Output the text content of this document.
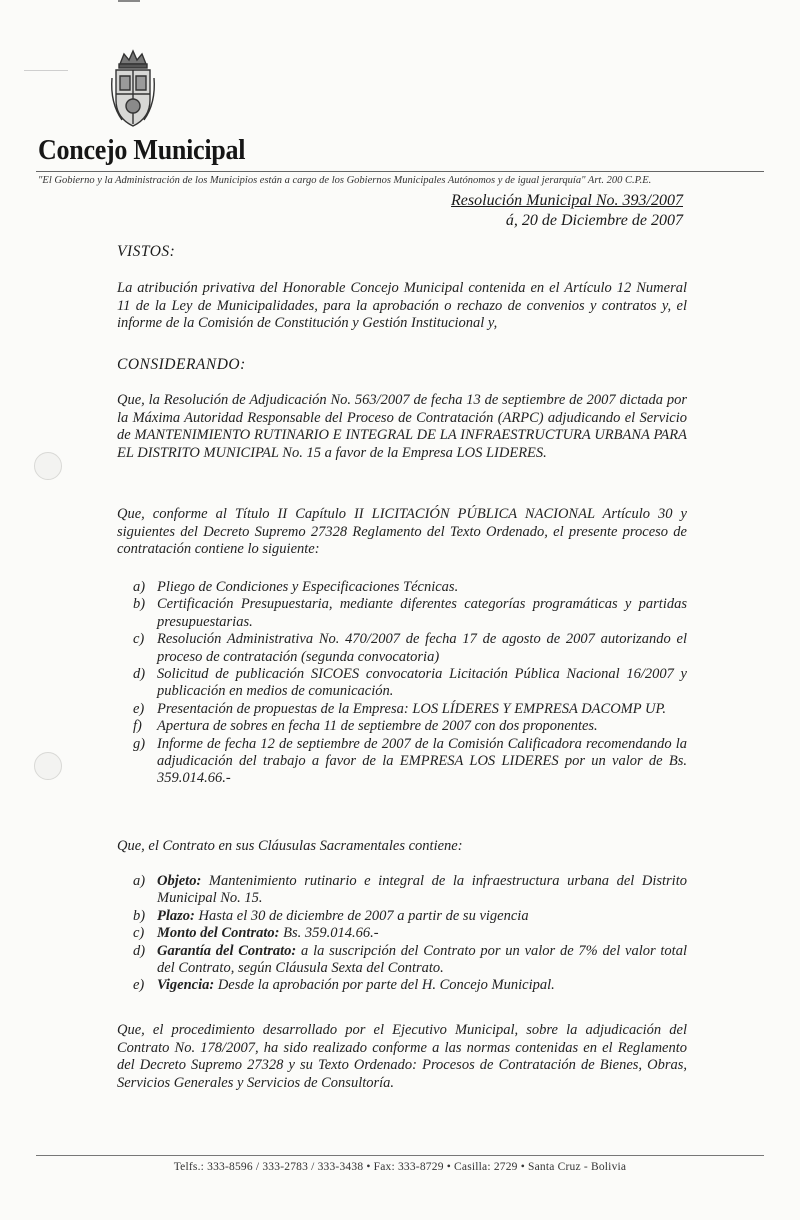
Concejo Municipal
"El Gobierno y la Administración de los Municipios están a cargo de los Gobiernos Municipales Autónomos y de igual jerarquía" Art. 200 C.P.E.
Resolución Municipal No. 393/2007
á, 20 de Diciembre de 2007
VISTOS:

La atribución privativa del Honorable Concejo Municipal contenida en el Artículo 12 Numeral 11 de la Ley de Municipalidades, para la aprobación o rechazo de convenios y contratos y, el informe de la Comisión de Constitución y Gestión Institucional y,

CONSIDERANDO:

Que, la Resolución de Adjudicación No. 563/2007 de fecha 13 de septiembre de 2007 dictada por la Máxima Autoridad Responsable del Proceso de Contratación (ARPC) adjudicando el Servicio de MANTENIMIENTO RUTINARIO E INTEGRAL DE LA INFRAESTRUCTURA URBANA PARA EL DISTRITO MUNICIPAL No. 15 a favor de la Empresa LOS LIDERES.

Que, conforme al Título II Capítulo II LICITACIÓN PÚBLICA NACIONAL Artículo 30 y siguientes del Decreto Supremo 27328 Reglamento del Texto Ordenado, el presente proceso de contratación contiene lo siguiente:

a) Pliego de Condiciones y Especificaciones Técnicas.
b) Certificación Presupuestaria, mediante diferentes categorías programáticas y partidas presupuestarias.
c) Resolución Administrativa No. 470/2007 de fecha 17 de agosto de 2007 autorizando el proceso de contratación (segunda convocatoria)
d) Solicitud de publicación SICOES convocatoria Licitación Pública Nacional 16/2007 y publicación en medios de comunicación.
e) Presentación de propuestas de la Empresa: LOS LÍDERES Y EMPRESA DACOMP UP.
f) Apertura de sobres en fecha 11 de septiembre de 2007 con dos proponentes.
g) Informe de fecha 12 de septiembre de 2007 de la Comisión Calificadora recomendando la adjudicación del trabajo a favor de la EMPRESA LOS LIDERES por un valor de Bs. 359.014.66.-

Que, el Contrato en sus Cláusulas Sacramentales contiene:

a) Objeto: Mantenimiento rutinario e integral de la infraestructura urbana del Distrito Municipal No. 15.
b) Plazo: Hasta el 30 de diciembre de 2007 a partir de su vigencia
c) Monto del Contrato: Bs. 359.014.66.-
d) Garantía del Contrato: a la suscripción del Contrato por un valor de 7% del valor total del Contrato, según Cláusula Sexta del Contrato.
e) Vigencia: Desde la aprobación por parte del H. Concejo Municipal.

Que, el procedimiento desarrollado por el Ejecutivo Municipal, sobre la adjudicación del Contrato No. 178/2007, ha sido realizado conforme a las normas contenidas en el Reglamento del Decreto Supremo 27328 y su Texto Ordenado: Procesos de Contratación de Bienes, Obras, Servicios Generales y Servicios de Consultoría.

Telfs.: 333-8596 / 333-2783 / 333-3438 • Fax: 333-8729 • Casilla: 2729 • Santa Cruz - Bolivia
